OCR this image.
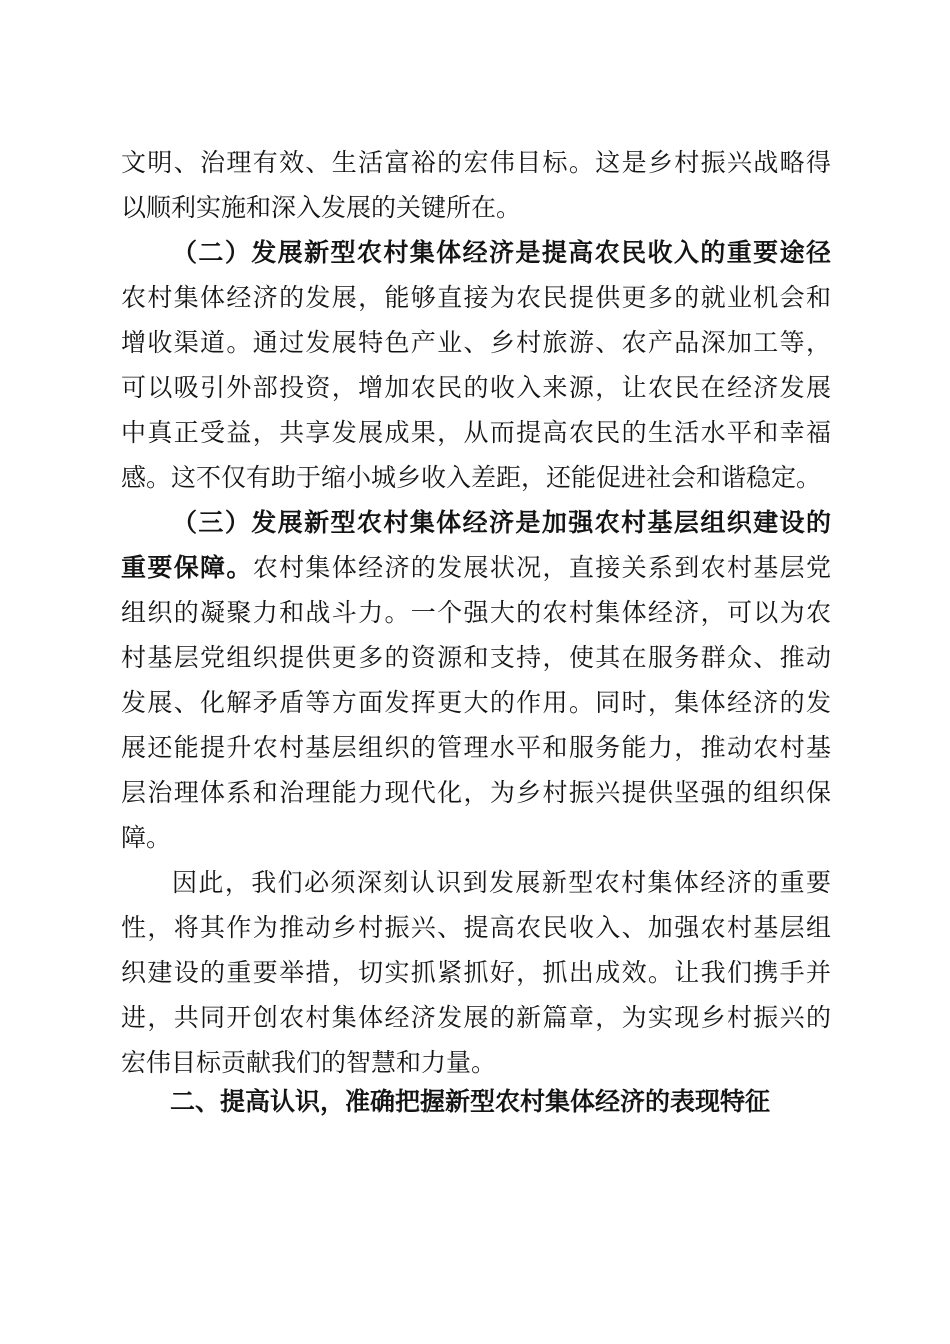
文明、治理有效、生活富裕的宏伟目标。这是乡村振兴战略得
以顺利实施和深入发展的关键所在。
（二）发展新型农村集体经济是提高农民收入的重要途径
农村集体经济的发展，能够直接为农民提供更多的就业机会和
增收渠道。通过发展特色产业、乡村旅游、农产品深加工等，
可以吸引外部投资，增加农民的收入来源，让农民在经济发展
中真正受益，共享发展成果，从而提高农民的生活水平和幸福
感。这不仅有助于缩小城乡收入差距，还能促进社会和谐稳定。
（三）发展新型农村集体经济是加强农村基层组织建设的
重要保障。农村集体经济的发展状况，直接关系到农村基层党
组织的凝聚力和战斗力。一个强大的农村集体经济，可以为农
村基层党组织提供更多的资源和支持，使其在服务群众、推动
发展、化解矛盾等方面发挥更大的作用。同时，集体经济的发
展还能提升农村基层组织的管理水平和服务能力，推动农村基
层治理体系和治理能力现代化，为乡村振兴提供坚强的组织保
障。
因此，我们必须深刻认识到发展新型农村集体经济的重要
性，将其作为推动乡村振兴、提高农民收入、加强农村基层组
织建设的重要举措，切实抓紧抓好，抓出成效。让我们携手并
进，共同开创农村集体经济发展的新篇章，为实现乡村振兴的
宏伟目标贡献我们的智慧和力量。
二、提高认识，准确把握新型农村集体经济的表现特征
